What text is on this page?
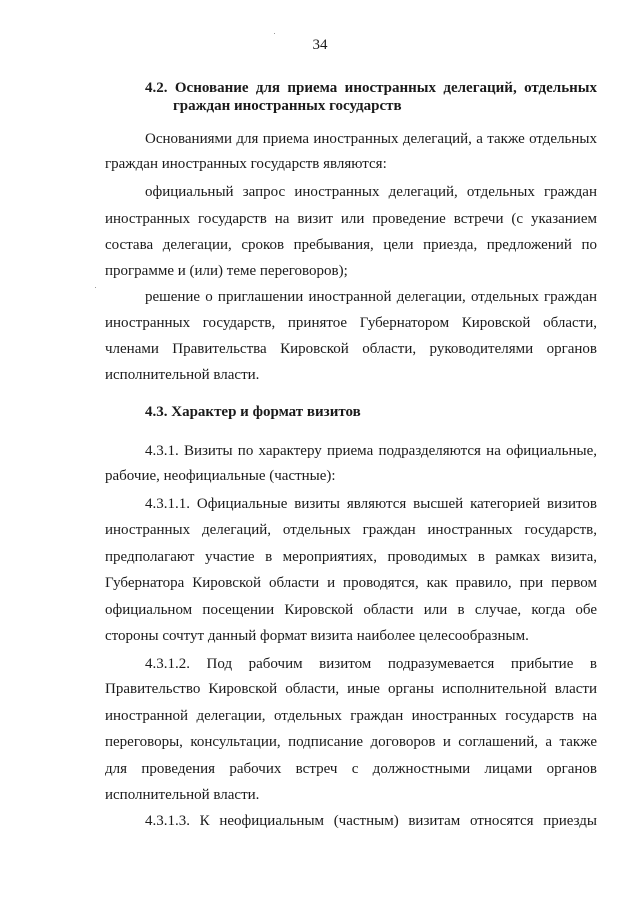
34
4.2. Основание для приема иностранных делегаций, отдельных
граждан иностранных государств
Основаниями для приема иностранных делегаций, а также отдельных
граждан иностранных государств являются:
официальный запрос иностранных делегаций, отдельных граждан
иностранных государств на визит или проведение встречи (с указанием
состава делегации, сроков пребывания, цели приезда, предложений по
программе и (или) теме переговоров);
решение о приглашении иностранной делегации, отдельных граждан
иностранных государств, принятое Губернатором Кировской области,
членами Правительства Кировской области, руководителями органов
исполнительной власти.
4.3. Характер и формат визитов
4.3.1. Визиты по характеру приема подразделяются на официальные,
рабочие, неофициальные (частные):
4.3.1.1. Официальные визиты являются высшей категорией визитов
иностранных делегаций, отдельных граждан иностранных государств,
предполагают участие в мероприятиях, проводимых в рамках визита,
Губернатора Кировской области и проводятся, как правило, при первом
официальном посещении Кировской области или в случае, когда обе
стороны сочтут данный формат визита наиболее целесообразным.
4.3.1.2. Под рабочим визитом подразумевается прибытие в
Правительство Кировской области, иные органы исполнительной власти
иностранной делегации, отдельных граждан иностранных государств на
переговоры, консультации, подписание договоров и соглашений, а также
для проведения рабочих встреч с должностными лицами органов
исполнительной власти.
4.3.1.3. К неофициальным (частным) визитам относятся приезды
